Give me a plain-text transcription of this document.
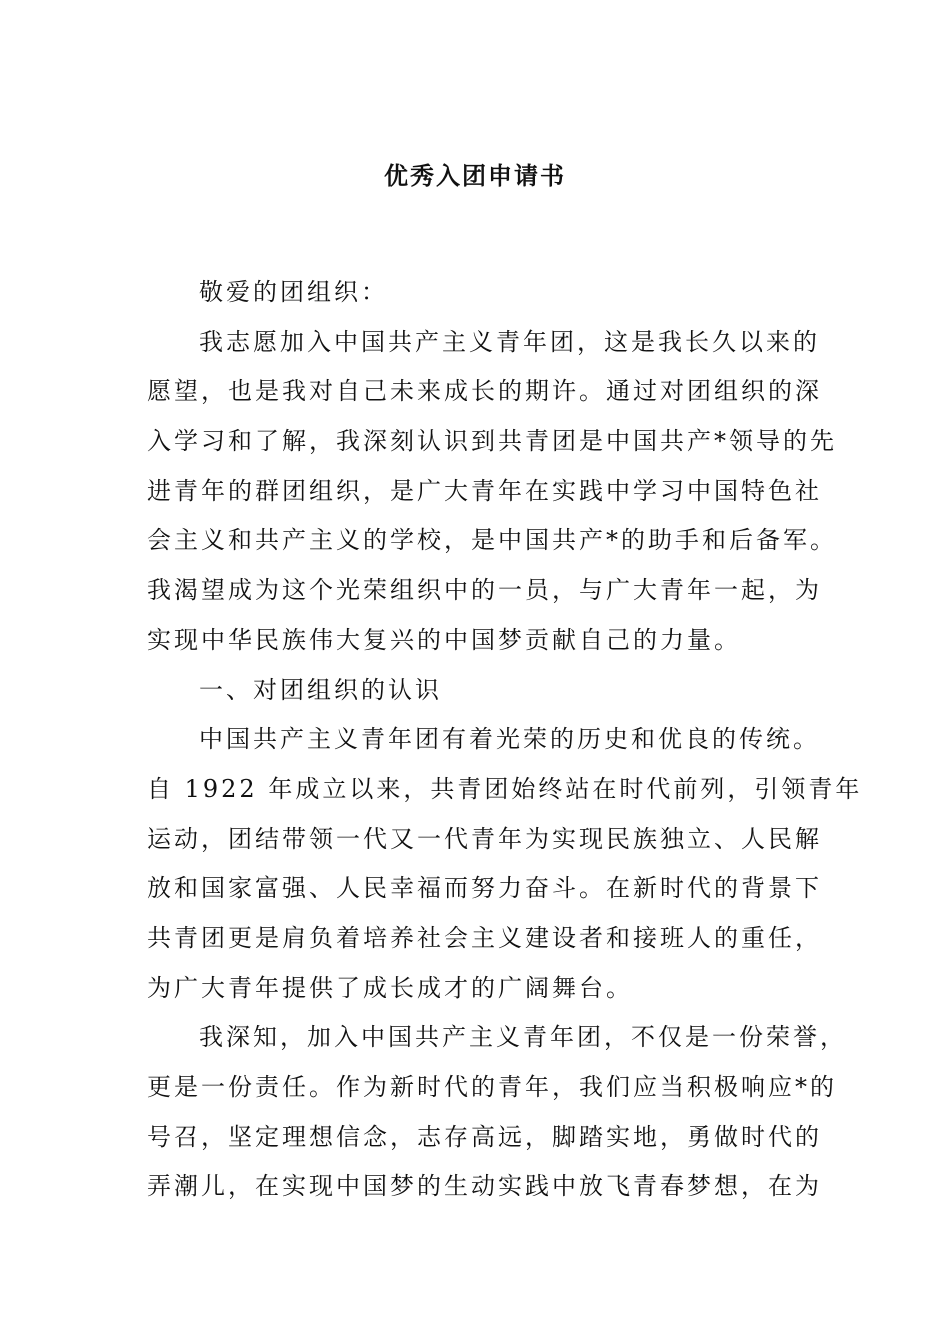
优秀入团申请书
敬爱的团组织：
我志愿加入中国共产主义青年团，这是我长久以来的
愿望，也是我对自己未来成长的期许。通过对团组织的深
入学习和了解，我深刻认识到共青团是中国共产*领导的先
进青年的群团组织，是广大青年在实践中学习中国特色社
会主义和共产主义的学校，是中国共产*的助手和后备军。
我渴望成为这个光荣组织中的一员，与广大青年一起，为
实现中华民族伟大复兴的中国梦贡献自己的力量。
一、对团组织的认识
中国共产主义青年团有着光荣的历史和优良的传统。
自 1922 年成立以来，共青团始终站在时代前列，引领青年
运动，团结带领一代又一代青年为实现民族独立、人民解
放和国家富强、人民幸福而努力奋斗。在新时代的背景下
共青团更是肩负着培养社会主义建设者和接班人的重任，
为广大青年提供了成长成才的广阔舞台。
我深知，加入中国共产主义青年团，不仅是一份荣誉，
更是一份责任。作为新时代的青年，我们应当积极响应*的
号召，坚定理想信念，志存高远，脚踏实地，勇做时代的
弄潮儿，在实现中国梦的生动实践中放飞青春梦想，在为
